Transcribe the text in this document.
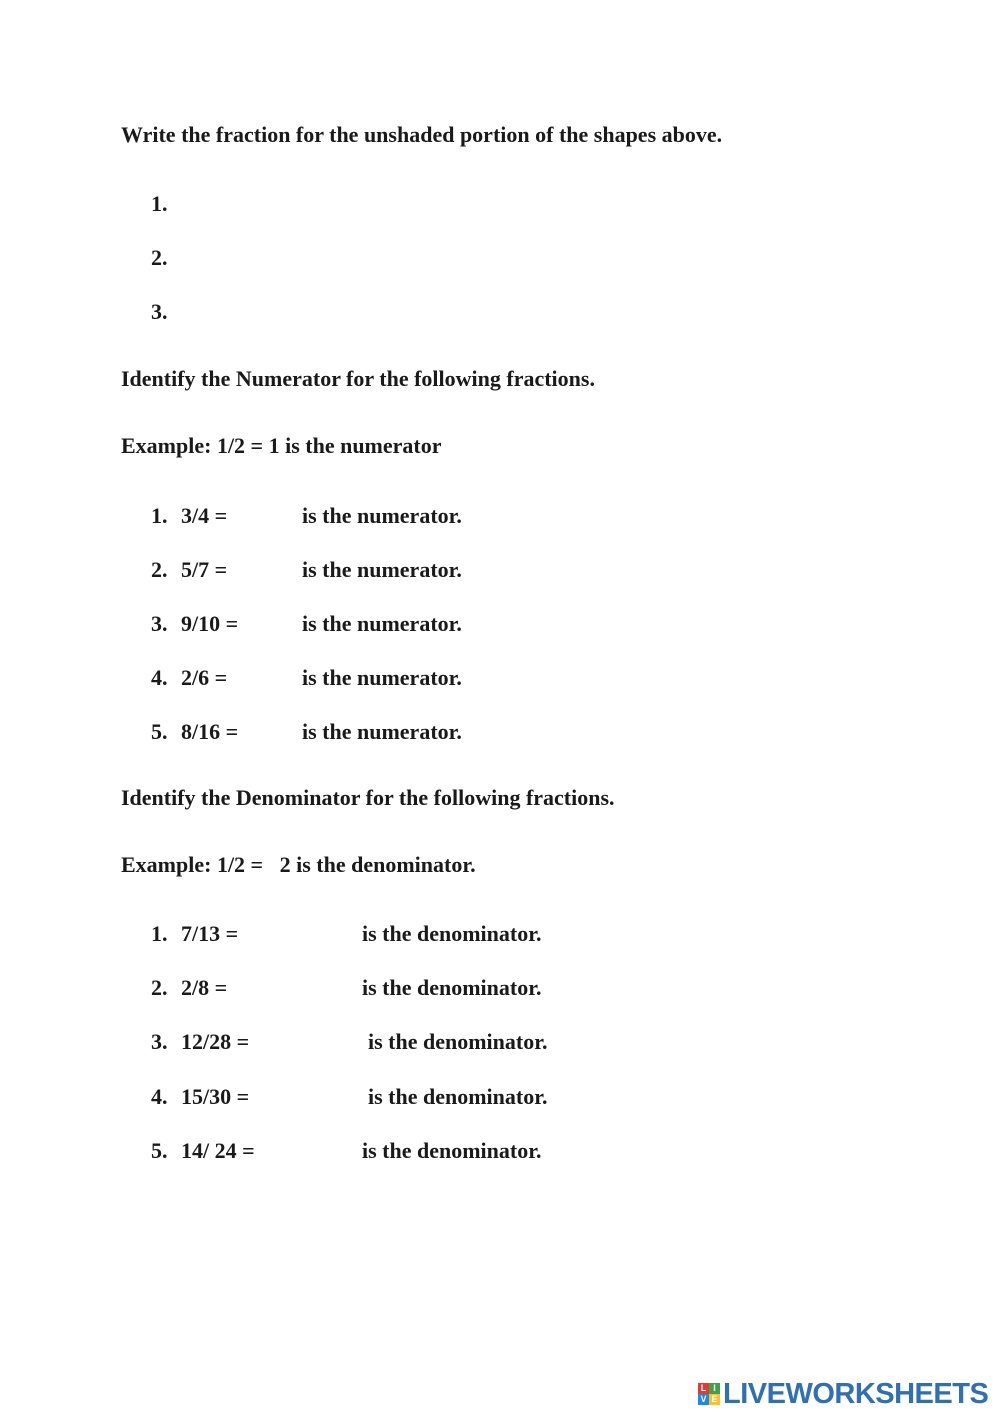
Write the fraction for the unshaded portion of the shapes above.
1.
2.
3.
Identify the Numerator for the following fractions.
Example: 1/2 = 1 is the numerator
1. 3/4 =	is the numerator.
2. 5/7 =	is the numerator.
3. 9/10 =	is the numerator.
4. 2/6 =	is the numerator.
5. 8/16 =	is the numerator.
Identify the Denominator for the following fractions.
Example: 1/2 =   2 is the denominator.
1. 7/13 =	is the denominator.
2. 2/8 =	is the denominator.
3. 12/28 =	is the denominator.
4. 15/30 =	is the denominator.
5. 14/ 24 =	is the denominator.
L I
V E LIVEWORKSHEETS
